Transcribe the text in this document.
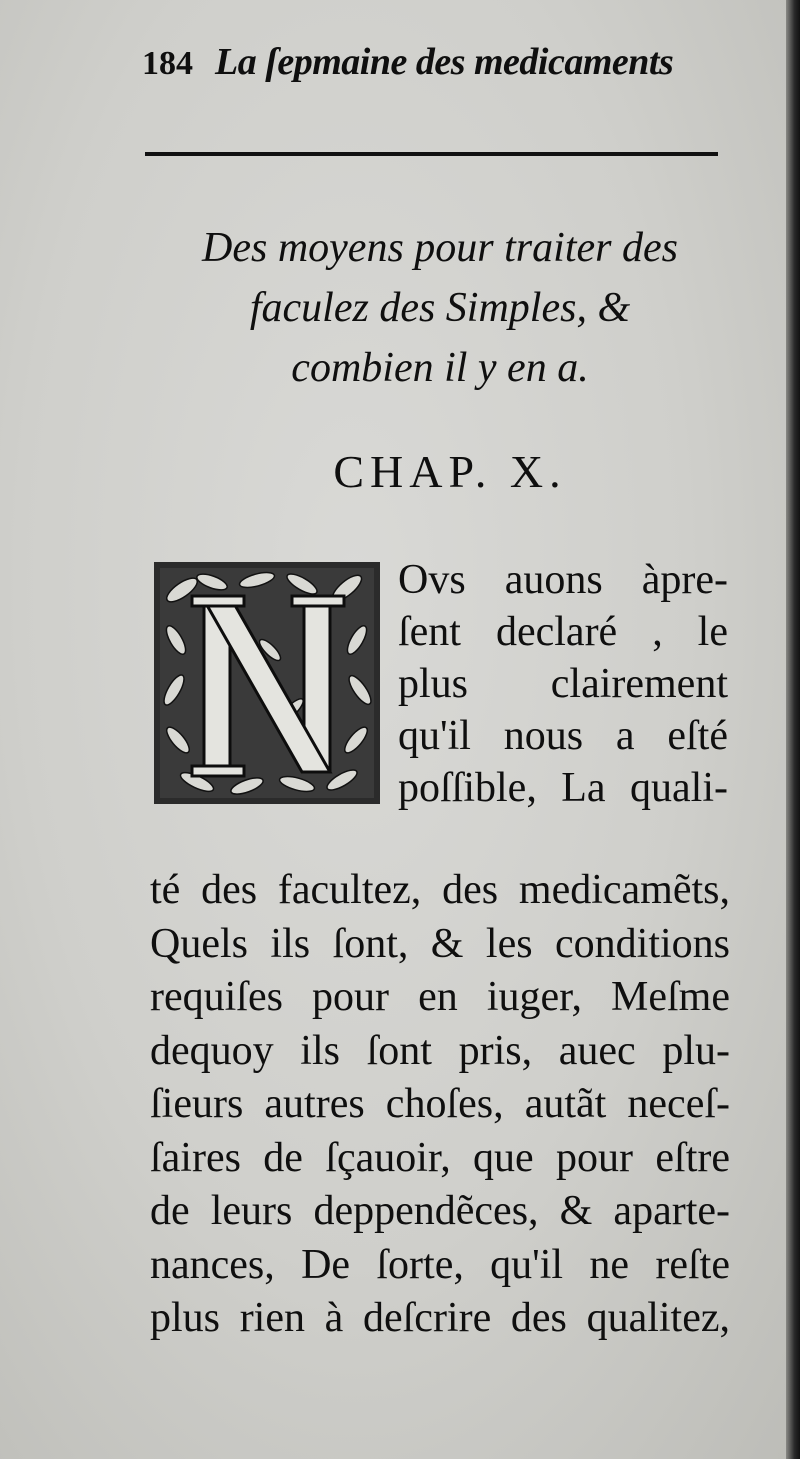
184 La ſepmaine des medicaments
Des moyens pour traiter des
faculez des Simples, &
combien il y en a.
CHAP. X.
Ovs auons àpre-
ſent declaré , le
plus clairement
qu'il nous a eſté
poſſible, La quali-
té des facultez, des medicamẽts,
Quels ils ſont, & les conditions
requiſes pour en iuger, Meſme
dequoy ils ſont pris, auec plu-
ſieurs autres choſes, autãt neceſ-
ſaires de ſçauoir, que pour eſtre
de leurs deppendẽces, & aparte-
nances, De ſorte, qu'il ne reſte
plus rien à deſcrire des qualitez,
